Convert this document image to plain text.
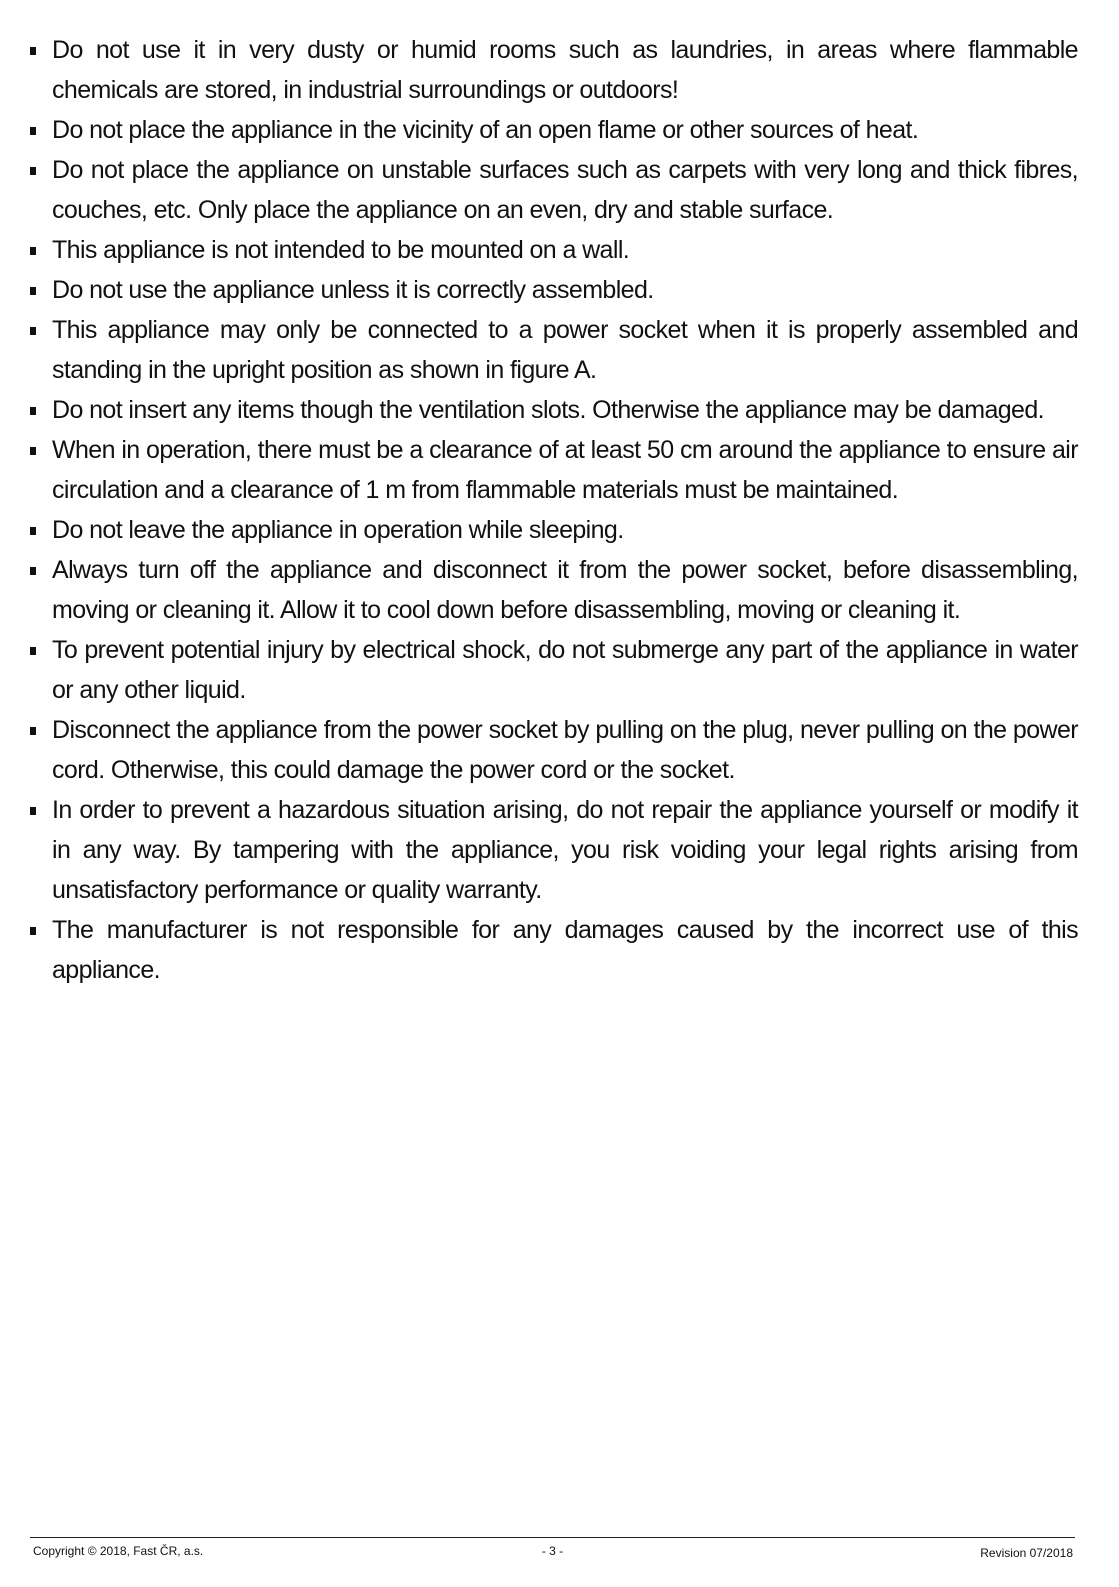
Do not use it in very dusty or humid rooms such as laundries, in areas where flammable chemicals are stored, in industrial surroundings or outdoors!
Do not place the appliance in the vicinity of an open flame or other sources of heat.
Do not place the appliance on unstable surfaces such as carpets with very long and thick fibres, couches, etc. Only place the appliance on an even, dry and stable surface.
This appliance is not intended to be mounted on a wall.
Do not use the appliance unless it is correctly assembled.
This appliance may only be connected to a power socket when it is properly assembled and standing in the upright position as shown in figure A.
Do not insert any items though the ventilation slots. Otherwise the appliance may be damaged.
When in operation, there must be a clearance of at least 50 cm around the appliance to ensure air circulation and a clearance of 1 m from flammable materials must be maintained.
Do not leave the appliance in operation while sleeping.
Always turn off the appliance and disconnect it from the power socket, before disassembling, moving or cleaning it. Allow it to cool down before disassembling, moving or cleaning it.
To prevent potential injury by electrical shock, do not submerge any part of the appliance in water or any other liquid.
Disconnect the appliance from the power socket by pulling on the plug, never pulling on the power cord. Otherwise, this could damage the power cord or the socket.
In order to prevent a hazardous situation arising, do not repair the appliance yourself or modify it in any way. By tampering with the appliance, you risk voiding your legal rights arising from unsatisfactory performance or quality warranty.
The manufacturer is not responsible for any damages caused by the incorrect use of this appliance.
Copyright © 2018, Fast ČR, a.s.	- 3 -	Revision 07/2018
